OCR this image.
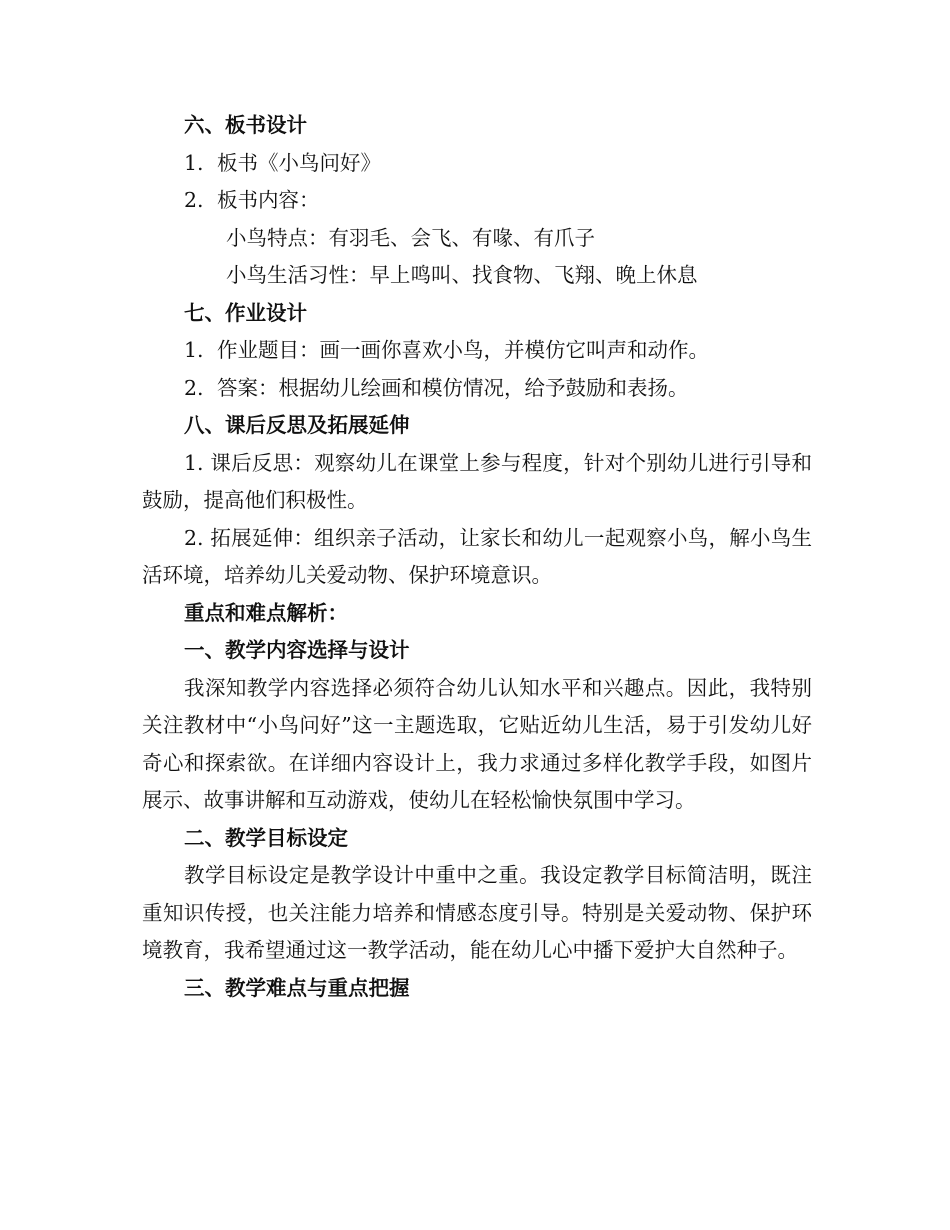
六、板书设计
1. 板书《小鸟问好》
2. 板书内容：
小鸟特点：有羽毛、会飞、有喙、有爪子
小鸟生活习性：早上鸣叫、找食物、飞翔、晚上休息
七、作业设计
1. 作业题目：画一画你喜欢小鸟，并模仿它叫声和动作。
2. 答案：根据幼儿绘画和模仿情况，给予鼓励和表扬。
八、课后反思及拓展延伸

1. 课后反思：观察幼儿在课堂上参与程度，针对个别幼儿进行引导和鼓励，提高他们积极性。

2. 拓展延伸：组织亲子活动，让家长和幼儿一起观察小鸟，解小鸟生活环境，培养幼儿关爱动物、保护环境意识。

重点和难点解析：
一、教学内容选择与设计

我深知教学内容选择必须符合幼儿认知水平和兴趣点。因此，我特别关注教材中“小鸟问好”这一主题选取，它贴近幼儿生活，易于引发幼儿好奇心和探索欲。在详细内容设计上，我力求通过多样化教学手段，如图片展示、故事讲解和互动游戏，使幼儿在轻松愉快氛围中学习。

二、教学目标设定

教学目标设定是教学设计中重中之重。我设定教学目标简洁明，既注重知识传授，也关注能力培养和情感态度引导。特别是关爱动物、保护环境教育，我希望通过这一教学活动，能在幼儿心中播下爱护大自然种子。

三、教学难点与重点把握
